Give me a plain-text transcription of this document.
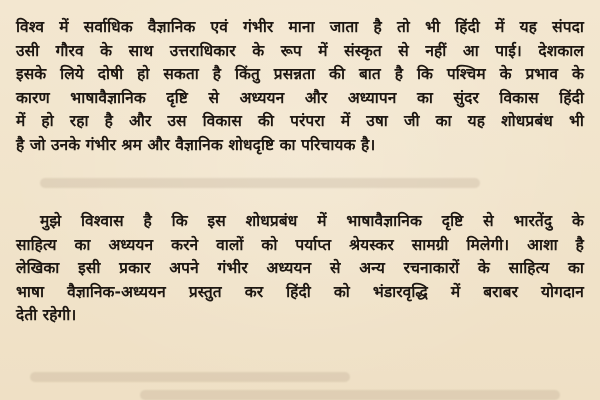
विश्व में सर्वाधिक वैज्ञानिक एवं गंभीर माना जाता है तो भी हिंदी में यह संपदा
उसी गौरव के साथ उत्तराधिकार के रूप में संस्कृत से नहीं आ पाई। देशकाल
इसके लिये दोषी हो सकता है किंतु प्रसन्नता की बात है कि पश्चिम के प्रभाव के
कारण भाषावैज्ञानिक दृष्टि से अध्ययन और अध्यापन का सुंदर विकास हिंदी
में हो रहा है और उस विकास की परंपरा में उषा जी का यह शोधप्रबंध भी
है जो उनके गंभीर श्रम और वैज्ञानिक शोधदृष्टि का परिचायक है।

मुझे विश्वास है कि इस शोधप्रबंध में भाषावैज्ञानिक दृष्टि से भारतेंदु के
साहित्य का अध्ययन करने वालों को पर्याप्त श्रेयस्कर सामग्री मिलेगी। आशा है
लेखिका इसी प्रकार अपने गंभीर अध्ययन से अन्य रचनाकारों के साहित्य का
भाषा वैज्ञानिक-अध्ययन प्रस्तुत कर हिंदी को भंडारवृद्धि में बराबर योगदान
देती रहेगी।
